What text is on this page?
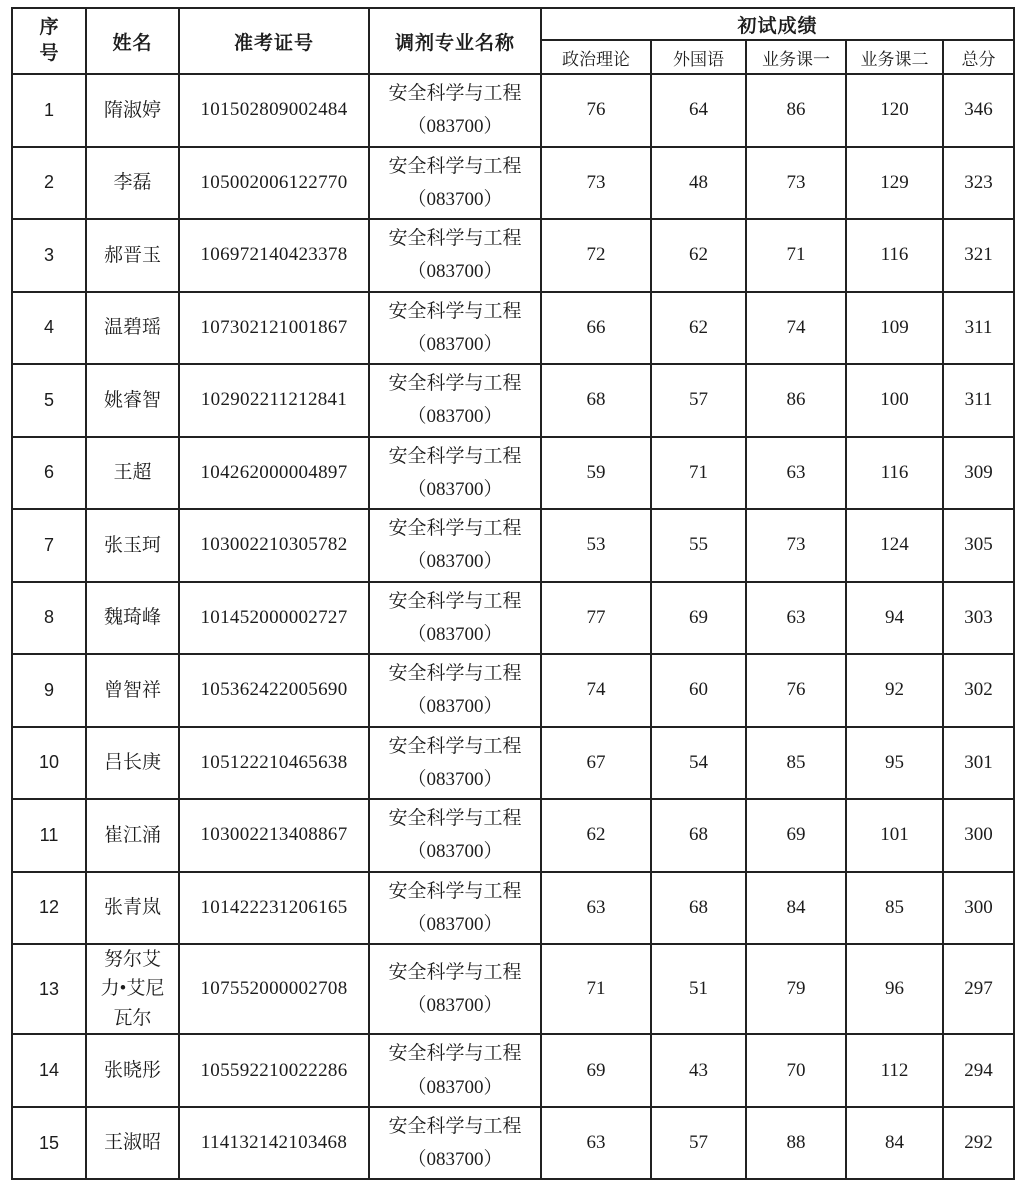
序号	姓名	准考证号	调剂专业名称	初试成绩				
				政治理论	外国语	业务课一	业务课二	总分
1	隋淑婷	101502809002484	安全科学与工程
（083700）	76	64	86	120	346
2	李磊	105002006122770	安全科学与工程
（083700）	73	48	73	129	323
3	郝晋玉	106972140423378	安全科学与工程
（083700）	72	62	71	116	321
4	温碧瑶	107302121001867	安全科学与工程
（083700）	66	62	74	109	311
5	姚睿智	102902211212841	安全科学与工程
（083700）	68	57	86	100	311
6	王超	104262000004897	安全科学与工程
（083700）	59	71	63	116	309
7	张玉珂	103002210305782	安全科学与工程
（083700）	53	55	73	124	305
8	魏琦峰	101452000002727	安全科学与工程
（083700）	77	69	63	94	303
9	曾智祥	105362422005690	安全科学与工程
（083700）	74	60	76	92	302
10	吕长庚	105122210465638	安全科学与工程
（083700）	67	54	85	95	301
11	崔江涌	103002213408867	安全科学与工程
（083700）	62	68	69	101	300
12	张青岚	101422231206165	安全科学与工程
（083700）	63	68	84	85	300
13	努尔艾力•艾尼瓦尔	107552000002708	安全科学与工程
（083700）	71	51	79	96	297
14	张晓彤	105592210022286	安全科学与工程
（083700）	69	43	70	112	294
15	王淑昭	114132142103468	安全科学与工程
（083700）	63	57	88	84	292
